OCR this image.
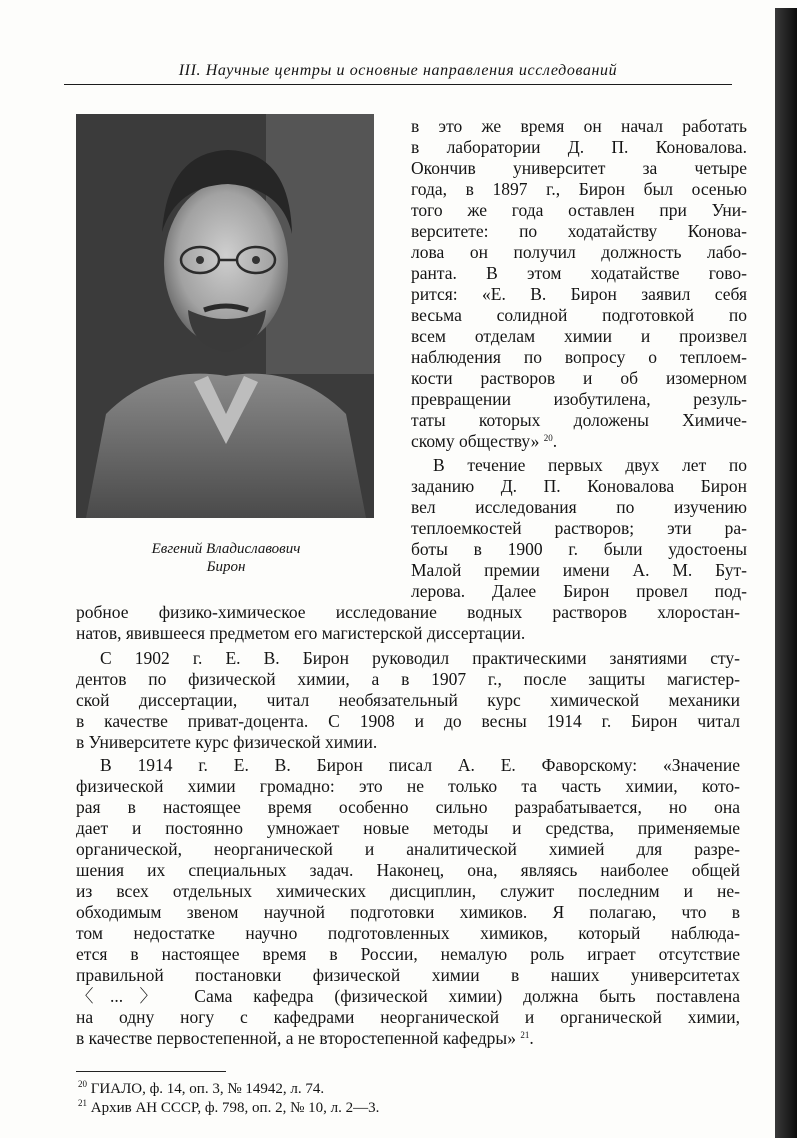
III. Научные центры и основные направления исследований
Евгений Владиславович
Бирон
в это же время он начал работать
в лаборатории Д. П. Коновалова.
Окончив университет за четыре
года, в 1897 г., Бирон был осенью
того же года оставлен при Уни-
верситете: по ходатайству Конова-
лова он получил должность лабо-
ранта. В этом ходатайстве гово-
рится: «Е. В. Бирон заявил себя
весьма солидной подготовкой по
всем отделам химии и произвел
наблюдения по вопросу о теплоем-
кости растворов и об изомерном
превращении изобутилена, резуль-
таты которых доложены Химиче-
скому обществу» $^{20}$.
В течение первых двух лет по
заданию Д. П. Коновалова Бирон
вел исследования по изучению
теплоемкостей растворов; эти ра-
боты в 1900 г. были удостоены
Малой премии имени А. М. Бут-
лерова. Далее Бирон провел под-
робное физико-химическое исследование водных растворов хлоростан-
натов, явившееся предметом его магистерской диссертации.
С 1902 г. Е. В. Бирон руководил практическими занятиями сту-
дентов по физической химии, а в 1907 г., после защиты магистер-
ской диссертации, читал необязательный курс химической механики
в качестве приват-доцента. С 1908 и до весны 1914 г. Бирон читал
в Университете курс физической химии.
В 1914 г. Е. В. Бирон писал А. Е. Фаворскому: «Значение
физической химии громадно: это не только та часть химии, кото-
рая в настоящее время особенно сильно разрабатывается, но она
дает и постоянно умножает новые методы и средства, применяемые
органической, неорганической и аналитической химией для разре-
шения их специальных задач. Наконец, она, являясь наиболее общей
из всех отдельных химических дисциплин, служит последним и не-
обходимым звеном научной подготовки химиков. Я полагаю, что в
том недостатке научно подготовленных химиков, который наблюда-
ется в настоящее время в России, немалую роль играет отсутствие
правильной постановки физической химии в наших университетах
〈...〉 Сама кафедра (физической химии) должна быть поставлена
на одну ногу с кафедрами неорганической и органической химии,
в качестве первостепенной, а не второстепенной кафедры» $^{21}$.
$^{20}$ ГИАЛО, ф. 14, оп. 3, № 14942, л. 74.
$^{21}$ Архив АН СССР, ф. 798, оп. 2, № 10, л. 2—3.
